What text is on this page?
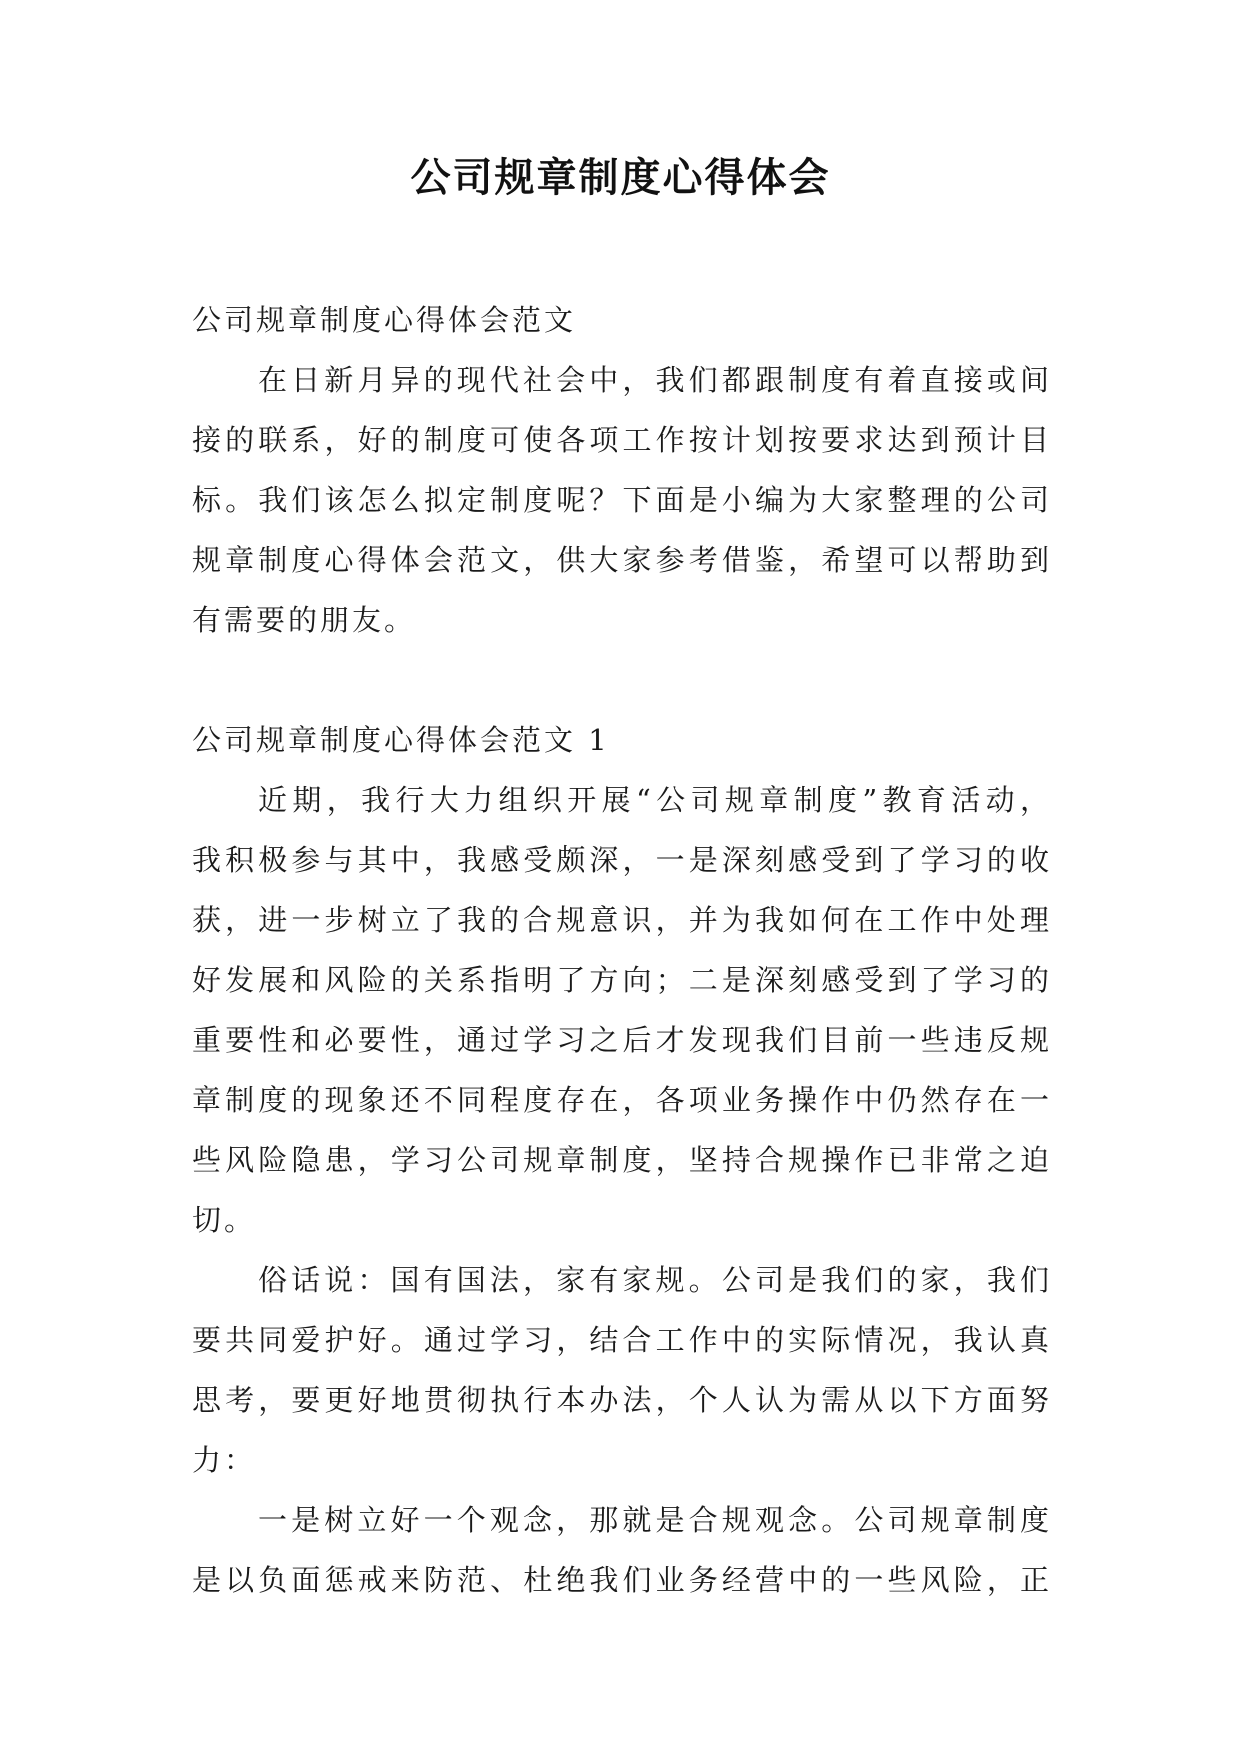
公司规章制度心得体会
公司规章制度心得体会范文
在日新月异的现代社会中，我们都跟制度有着直接或间
接的联系，好的制度可使各项工作按计划按要求达到预计目
标。我们该怎么拟定制度呢？下面是小编为大家整理的公司
规章制度心得体会范文，供大家参考借鉴，希望可以帮助到
有需要的朋友。
公司规章制度心得体会范文 1
近期，我行大力组织开展“公司规章制度”教育活动，
我积极参与其中，我感受颇深，一是深刻感受到了学习的收
获，进一步树立了我的合规意识，并为我如何在工作中处理
好发展和风险的关系指明了方向；二是深刻感受到了学习的
重要性和必要性，通过学习之后才发现我们目前一些违反规
章制度的现象还不同程度存在，各项业务操作中仍然存在一
些风险隐患，学习公司规章制度，坚持合规操作已非常之迫
切。
俗话说：国有国法，家有家规。公司是我们的家，我们
要共同爱护好。通过学习，结合工作中的实际情况，我认真
思考，要更好地贯彻执行本办法，个人认为需从以下方面努
力：
一是树立好一个观念，那就是合规观念。公司规章制度
是以负面惩戒来防范、杜绝我们业务经营中的一些风险，正
